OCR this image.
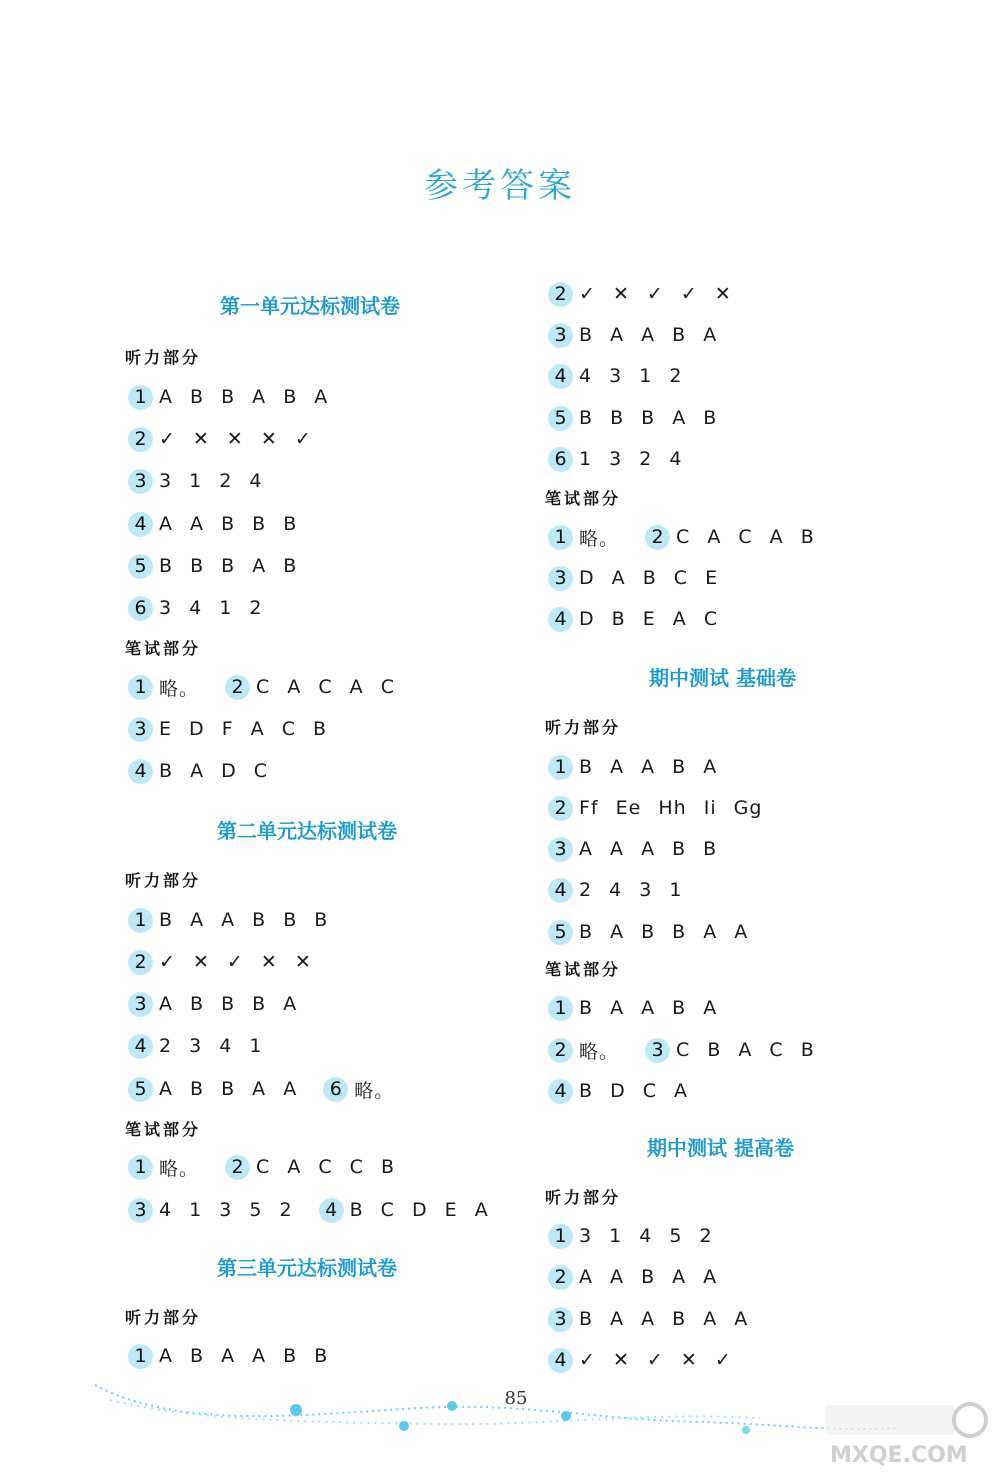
参考答案
第一单元达标测试卷
听力部分
1 A B B A B A
2 ✓ ✕ ✕ ✕ ✓
3 3 1 2 4
4 A A B B B
5 B B B A B
6 3 4 1 2
笔试部分
1 略。	2 C A C A C
3 E D F A C B
4 B A D C
第二单元达标测试卷
听力部分
1 B A A B B B
2 ✓ ✕ ✓ ✕ ✕
3 A B B B A
4 2 3 4 1
5 A B B A A	6 略。
笔试部分
1 略。	2 C A C C B
3 4 1 3 5 2	4 B C D E A
第三单元达标测试卷
听力部分
1 A B A A B B
2 ✓ ✕ ✓ ✓ ✕
3 B A A B A
4 4 3 1 2
5 B B B A B
6 1 3 2 4
笔试部分
1 略。	2 C A C A B
3 D A B C E
4 D B E A C
期中测试 基础卷
听力部分
1 B A A B A
2 Ff Ee Hh Ii Gg
3 A A A B B
4 2 4 3 1
5 B A B B A A
笔试部分
1 B A A B A
2 略。	3 C B A C B
4 B D C A
期中测试 提高卷
听力部分
1 3 1 4 5 2
2 A A B A A
3 B A A B A A
4 ✓ ✕ ✓ ✕ ✓
85
MXQE.COM
